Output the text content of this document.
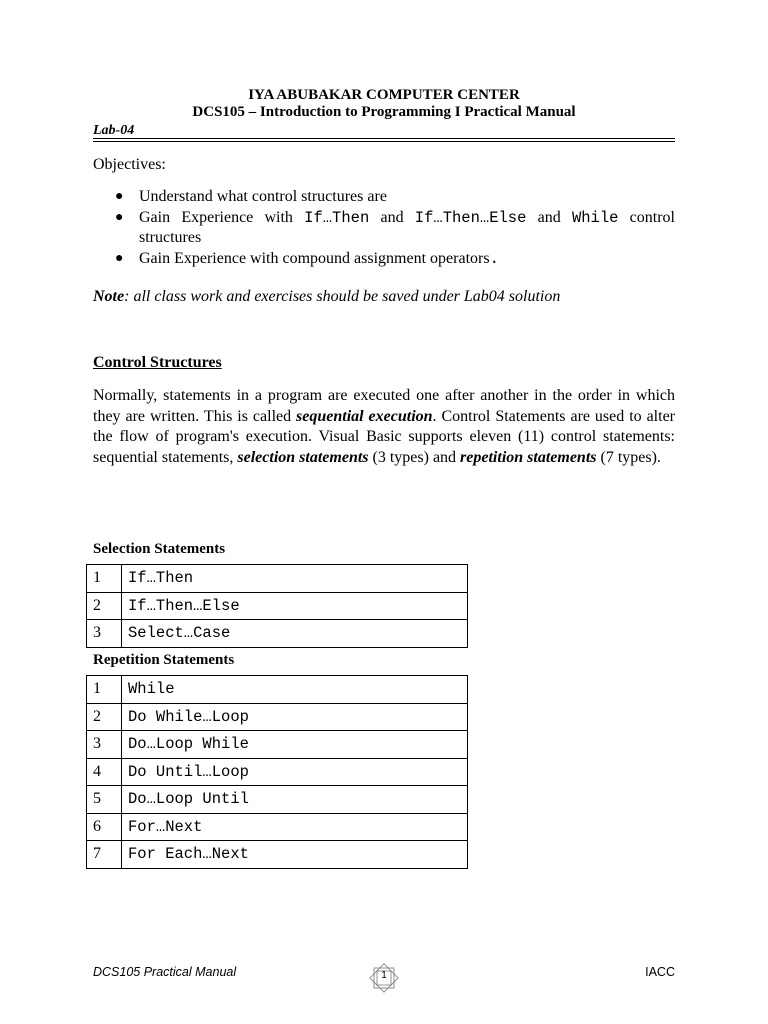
IYA ABUBAKAR COMPUTER CENTER
DCS105 – Introduction to Programming I Practical Manual
Lab-04
Objectives:
● Understand what control structures are
● Gain Experience with If…Then and If…Then…Else and While control structures
● Gain Experience with compound assignment operators.
Note: all class work and exercises should be saved under Lab04 solution
Control Structures
Normally, statements in a program are executed one after another in the order in which they are written. This is called sequential execution. Control Statements are used to alter the flow of program's execution. Visual Basic supports eleven (11) control statements: sequential statements, selection statements (3 types) and repetition statements (7 types).
Selection Statements
1	If…Then
2	If…Then…Else
3	Select…Case
Repetition Statements
1	While
2	Do While…Loop
3	Do…Loop While
4	Do Until…Loop
5	Do…Loop Until
6	For…Next
7	For Each…Next
DCS105 Practical Manual	1	IACC
